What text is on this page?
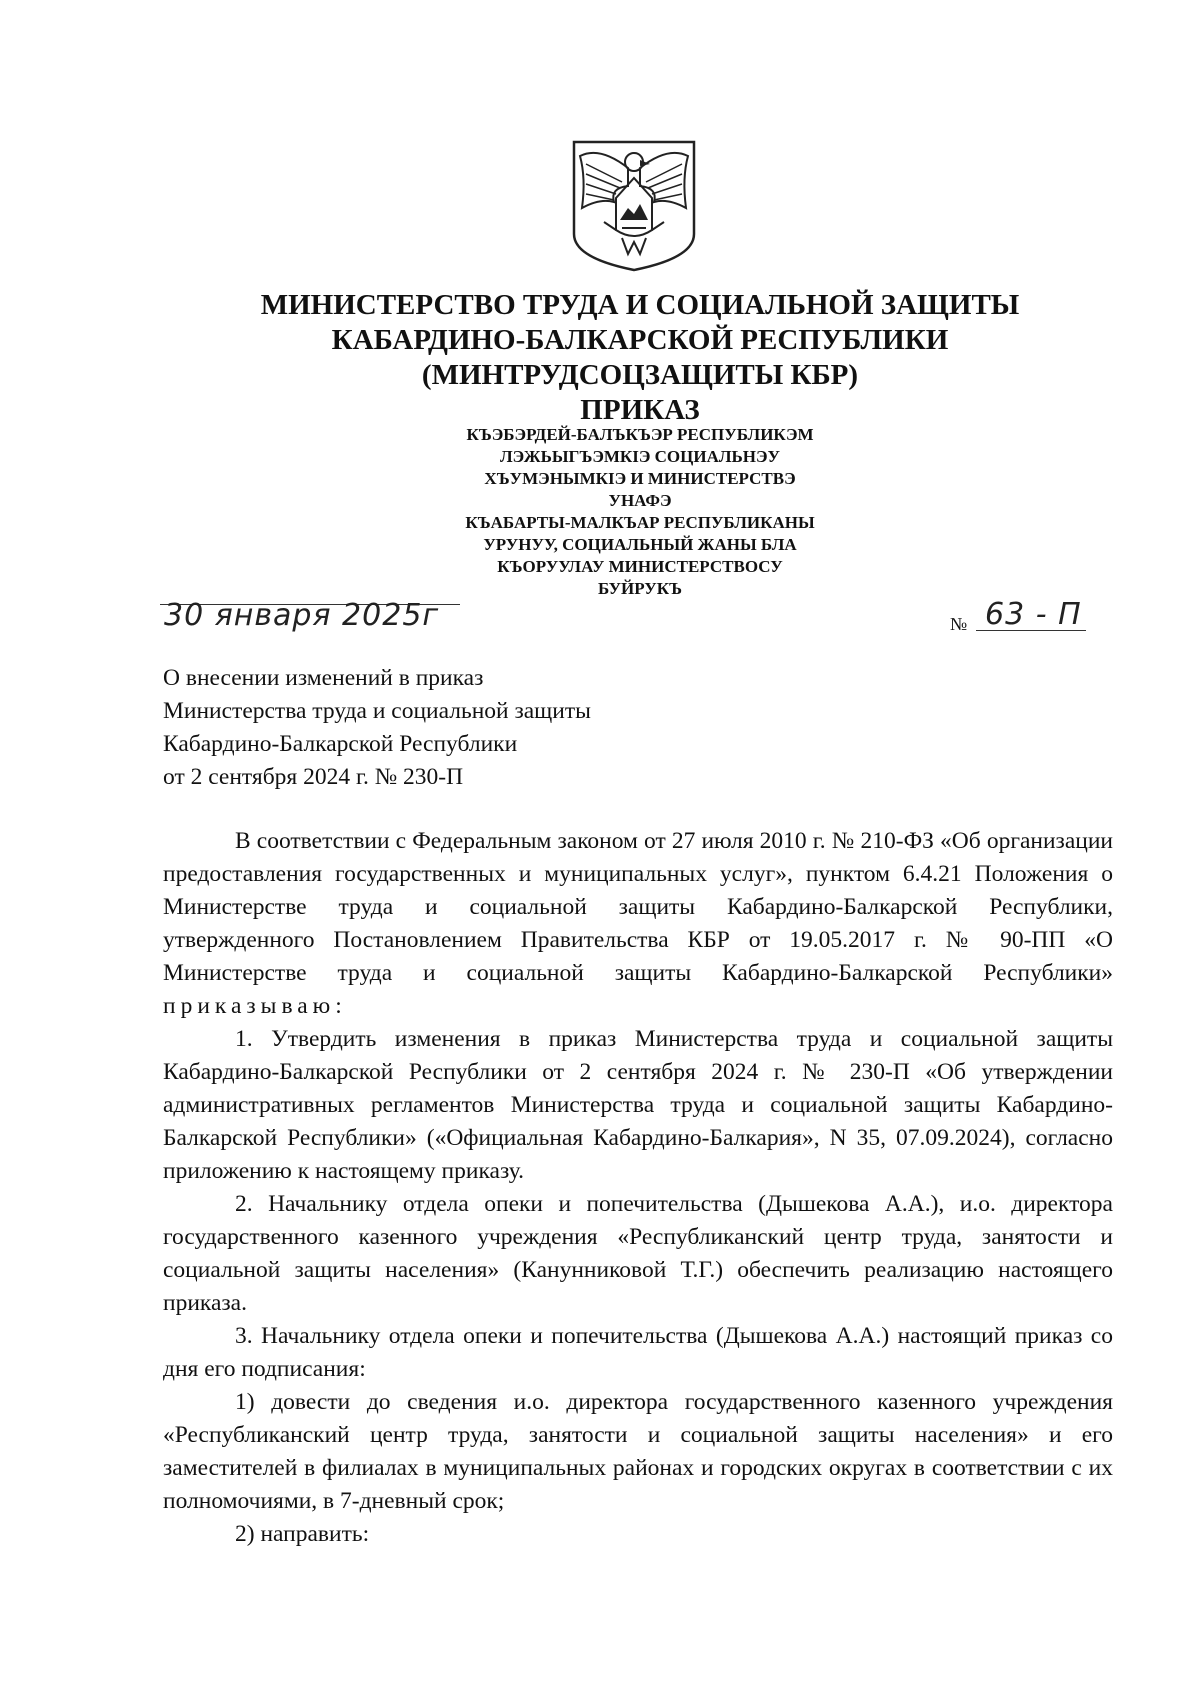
МИНИСТЕРСТВО ТРУДА И СОЦИАЛЬНОЙ ЗАЩИТЫ
КАБАРДИНО-БАЛКАРСКОЙ РЕСПУБЛИКИ
(МИНТРУДСОЦЗАЩИТЫ КБР)
ПРИКАЗ
КЪЭБЭРДЕЙ-БАЛЪКЪЭР РЕСПУБЛИКЭМ
ЛЭЖЬЫГЪЭМКIЭ СОЦИАЛЬНЭУ
ХЪУМЭНЫМКIЭ И МИНИСТЕРСТВЭ
УНАФЭ
КЪАБАРТЫ-МАЛКЪАР РЕСПУБЛИКАНЫ
УРУНУУ, СОЦИАЛЬНЫЙ ЖАНЫ БЛА
КЪОРУУЛАУ МИНИСТЕРСТВОСУ
БУЙРУКЪ
30 января 2025г	№ 63 - П
О внесении изменений в приказ
Министерства труда и социальной защиты
Кабардино-Балкарской Республики
от 2 сентября 2024 г. № 230-П

В соответствии с Федеральным законом от 27 июля 2010 г. № 210-ФЗ «Об организации предоставления государственных и муниципальных услуг», пунктом 6.4.21 Положения о Министерстве труда и социальной защиты Кабардино-Балкарской Республики, утвержденного Постановлением Правительства КБР от 19.05.2017 г. № 90-ПП «О Министерстве труда и социальной защиты Кабардино-Балкарской Республики» приказываю:

1. Утвердить изменения в приказ Министерства труда и социальной защиты Кабардино-Балкарской Республики от 2 сентября 2024 г. № 230-П «Об утверждении административных регламентов Министерства труда и социальной защиты Кабардино-Балкарской Республики» («Официальная Кабардино-Балкария», N 35, 07.09.2024), согласно приложению к настоящему приказу.

2. Начальнику отдела опеки и попечительства (Дышекова А.А.), и.о. директора государственного казенного учреждения «Республиканский центр труда, занятости и социальной защиты населения» (Канунниковой Т.Г.) обеспечить реализацию настоящего приказа.

3. Начальнику отдела опеки и попечительства (Дышекова А.А.) настоящий приказ со дня его подписания:

1) довести до сведения и.о. директора государственного казенного учреждения «Республиканский центр труда, занятости и социальной защиты населения» и его заместителей в филиалах в муниципальных районах и городских округах в соответствии с их полномочиями, в 7-дневный срок;

2) направить:
